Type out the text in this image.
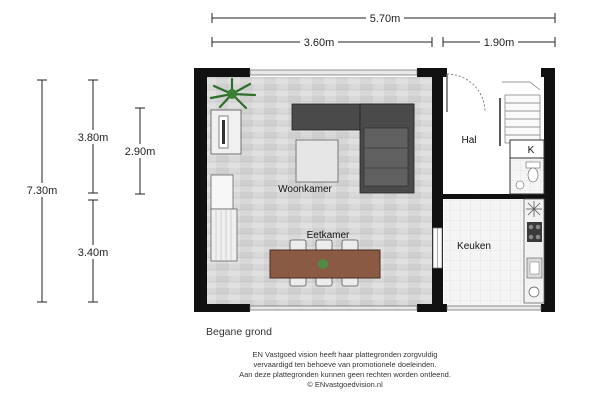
5.70m
3.60m	1.90m
7.30m
3.80m
3.40m
2.90m	K
Woonkamer
Eetkamer
Hal
Keuken
Begane grond
EN Vastgoed vision heeft haar plattegronden zorgvuldig
vervaardigd ten behoeve van promotionele doeleinden.
Aan deze plattegronden kunnen geen rechten worden ontleend.
© ENvastgoedvision.nl
